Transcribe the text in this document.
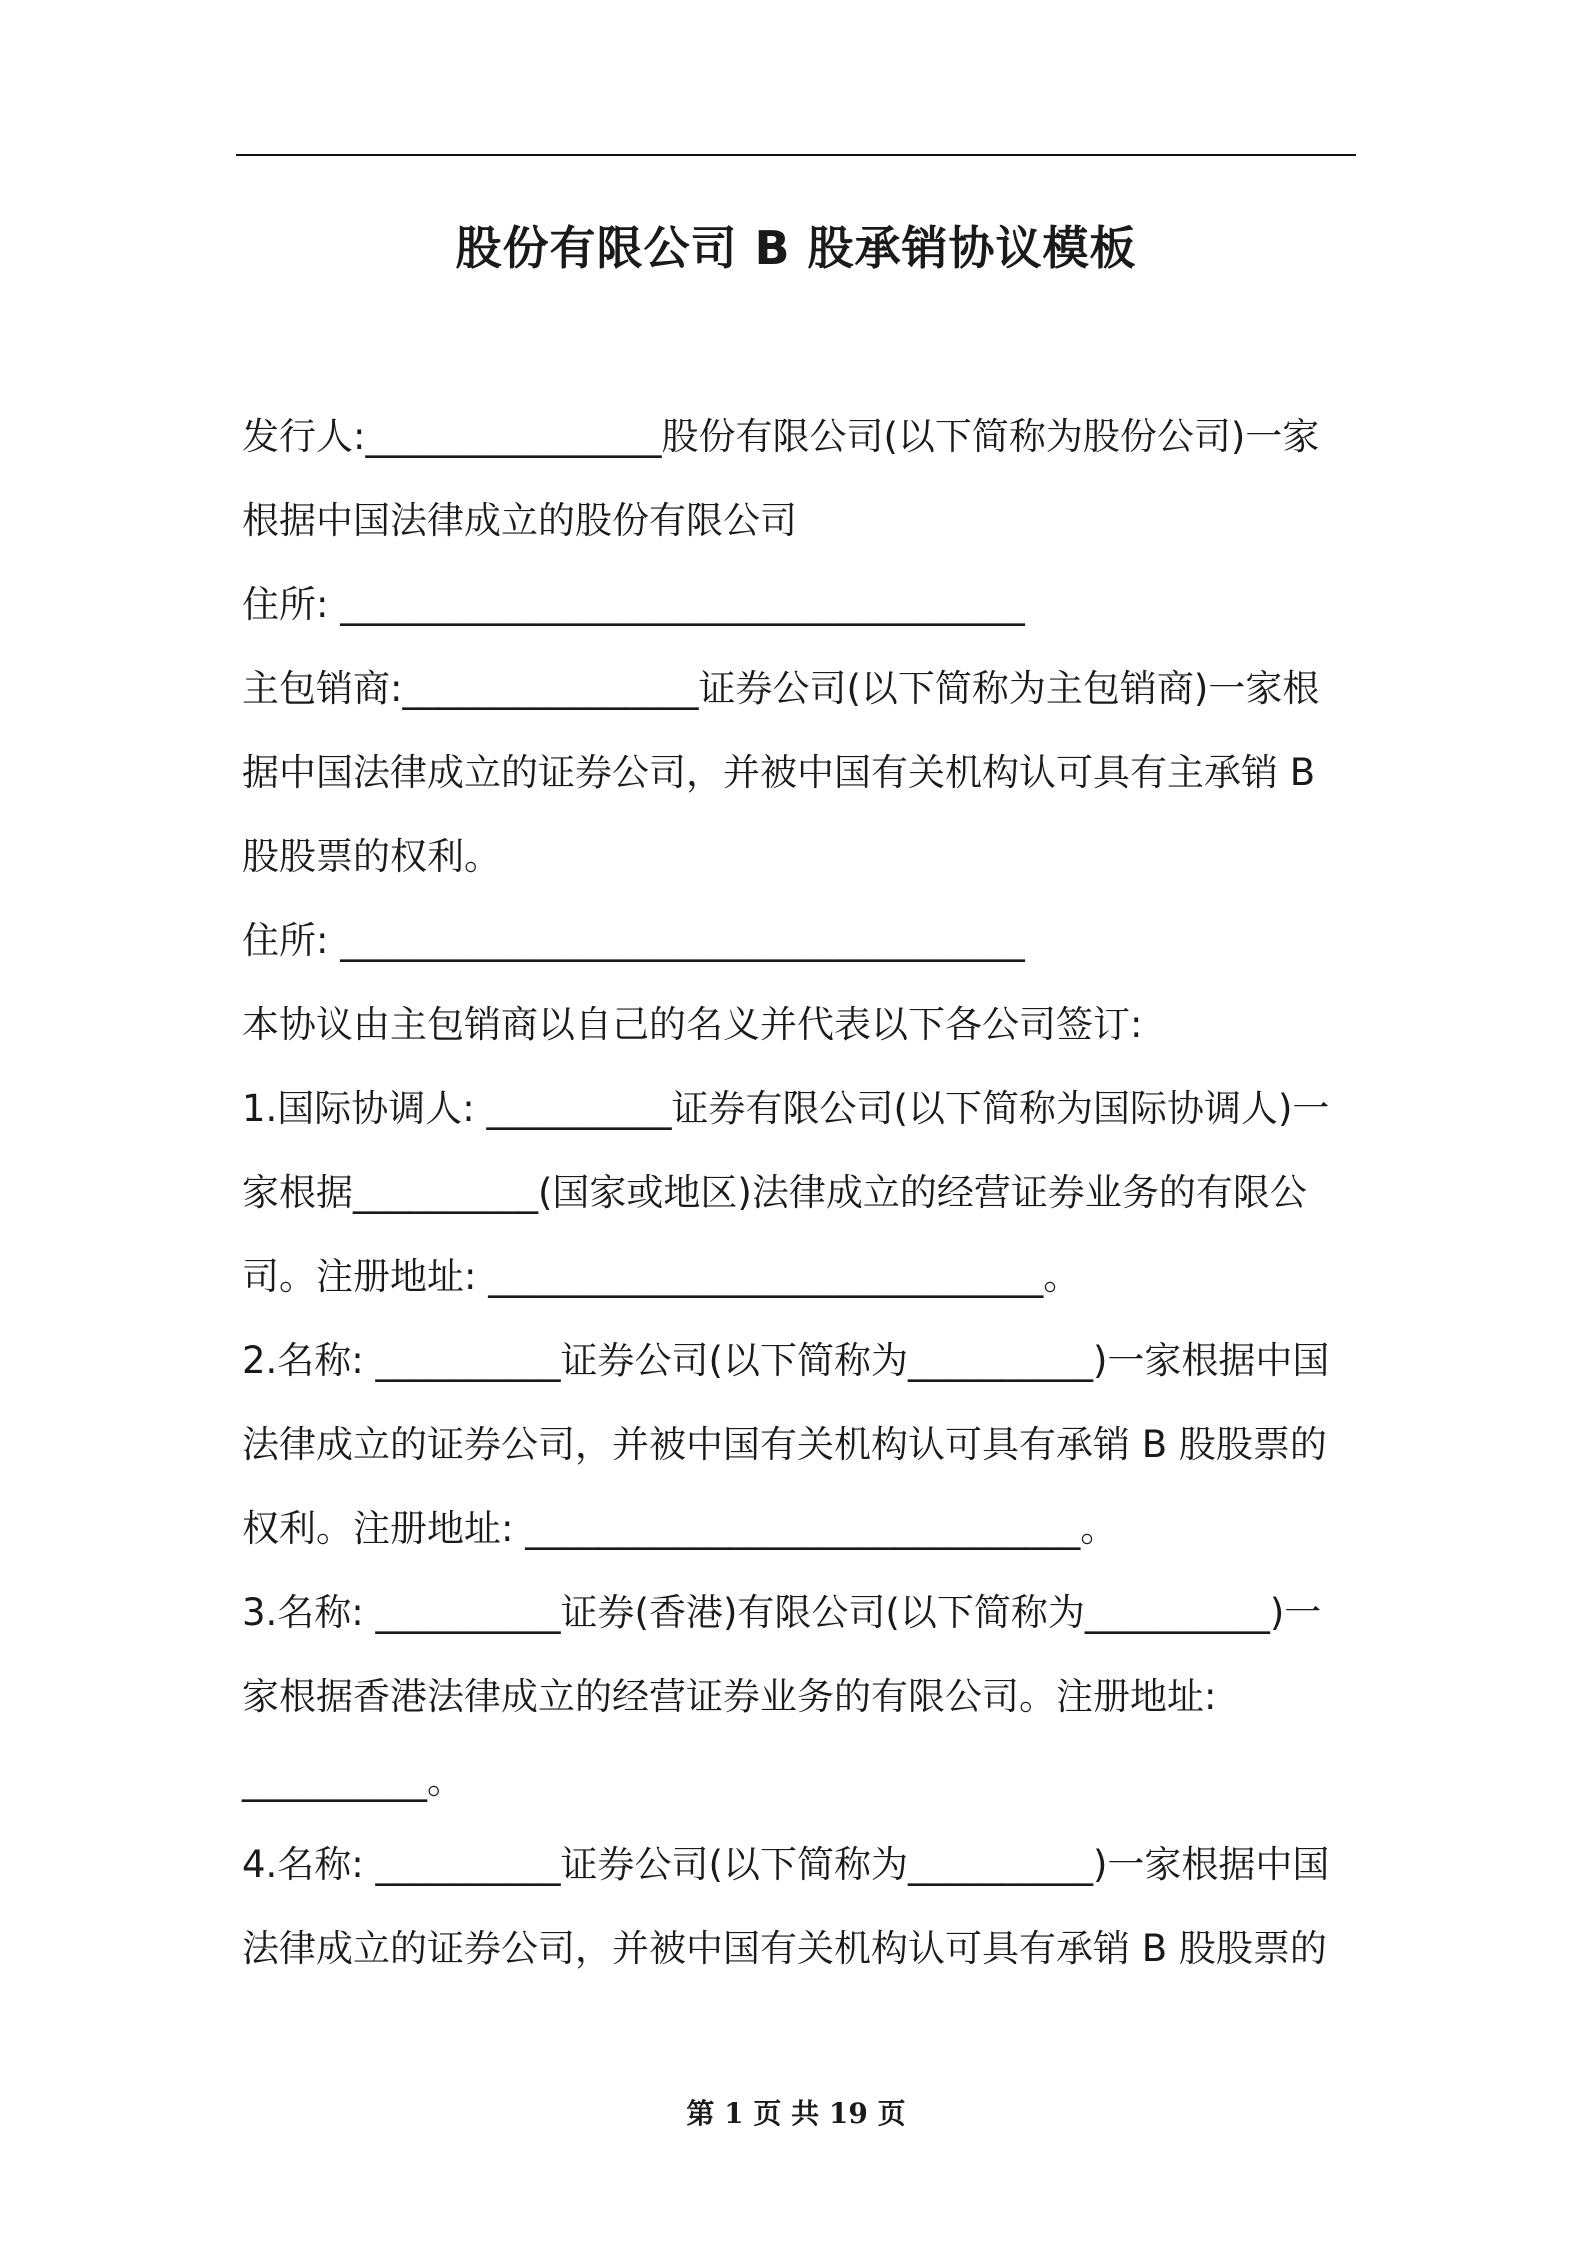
股份有限公司 B 股承销协议模板
发行人:________________股份有限公司(以下简称为股份公司)一家
根据中国法律成立的股份有限公司
住所: _____________________________________
主包销商:________________证券公司(以下简称为主包销商)一家根
据中国法律成立的证券公司，并被中国有关机构认可具有主承销 B
股股票的权利。
住所: _____________________________________
本协议由主包销商以自己的名义并代表以下各公司签订:
1.国际协调人: __________证券有限公司(以下简称为国际协调人)一
家根据__________(国家或地区)法律成立的经营证券业务的有限公
司。注册地址: ______________________________。
2.名称: __________证券公司(以下简称为__________)一家根据中国
法律成立的证券公司，并被中国有关机构认可具有承销 B 股股票的
权利。注册地址: ______________________________。
3.名称: __________证券(香港)有限公司(以下简称为__________)一
家根据香港法律成立的经营证券业务的有限公司。注册地址:
__________。
4.名称: __________证券公司(以下简称为__________)一家根据中国
法律成立的证券公司，并被中国有关机构认可具有承销 B 股股票的
第 1 页 共 19 页
